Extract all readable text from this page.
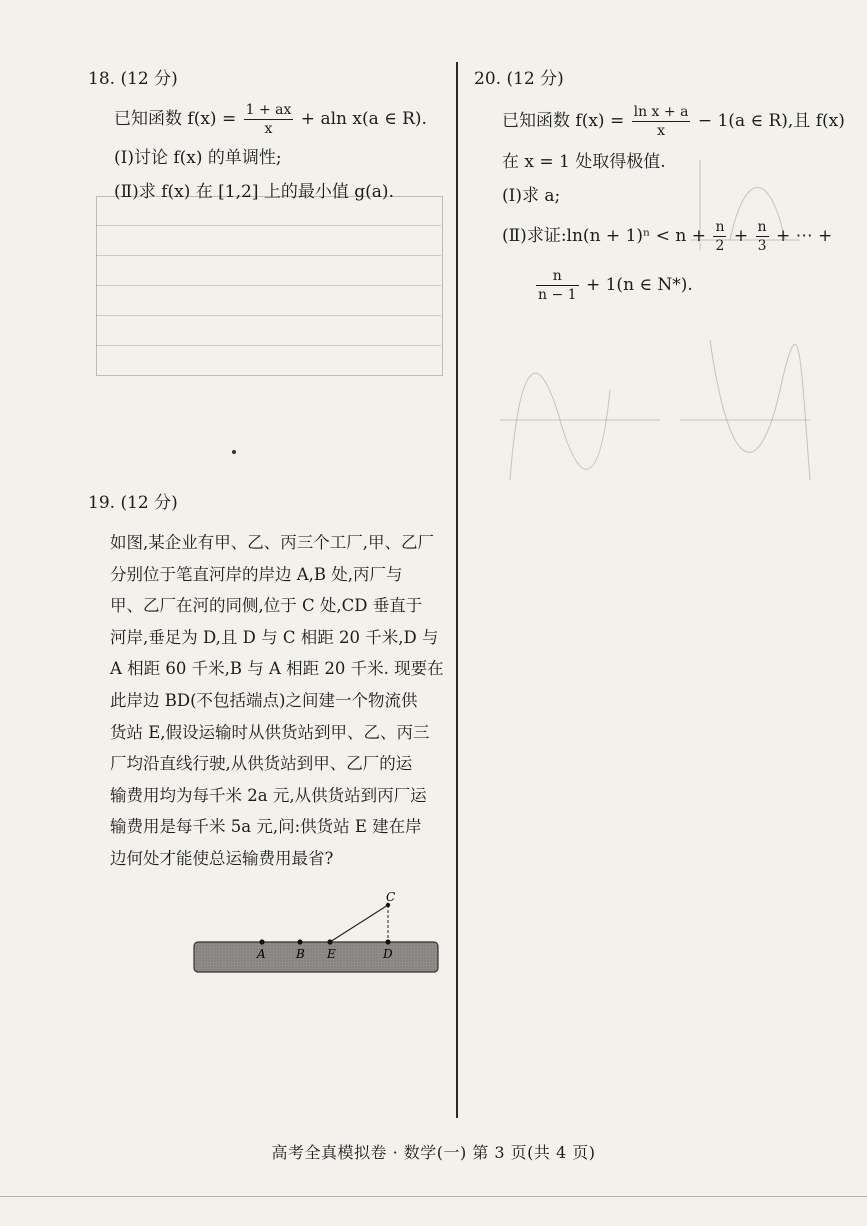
18. (12 分)
已知函数 $f(x) = \frac{1 + ax}{x} + aln$ x(a ∈ R).
(Ⅰ)讨论 f(x) 的单调性;
(Ⅱ)求 f(x) 在 [1,2] 上的最小值 g(a).
19. (12 分)
如图,某企业有甲、乙、丙三个工厂,甲、乙厂
分别位于笔直河岸的岸边 A,B 处,丙厂与
甲、乙厂在河的同侧,位于 C 处,CD 垂直于
河岸,垂足为 D,且 D 与 C 相距 20 千米,D 与
A 相距 60 千米,B 与 A 相距 20 千米. 现要在
此岸边 BD(不包括端点)之间建一个物流供
货站 E,假设运输时从供货站到甲、乙、丙三
厂均沿直线行驶,从供货站到甲、乙厂的运
输费用均为每千米 2a 元,从供货站到丙厂运
输费用是每千米 5a 元,问:供货站 E 建在岸
边何处才能使总运输费用最省?
A	B E	D
C
20. (12 分)
已知函数 $f(x) = \frac{\text{ln x + a}}{x} - 1(a$ ∈ R),且 f(x)
在 x = 1 处取得极值.
(Ⅰ)求 a;
(Ⅱ)求证:ln(n + $1)^n < n + \frac{n}{2} + \frac{n}{3}$ + ⋯ +
$\frac{n}{n - 1} + 1(n$ ∈ N*).
高考全真模拟卷 · 数学(一) 第 3 页(共 4 页)
